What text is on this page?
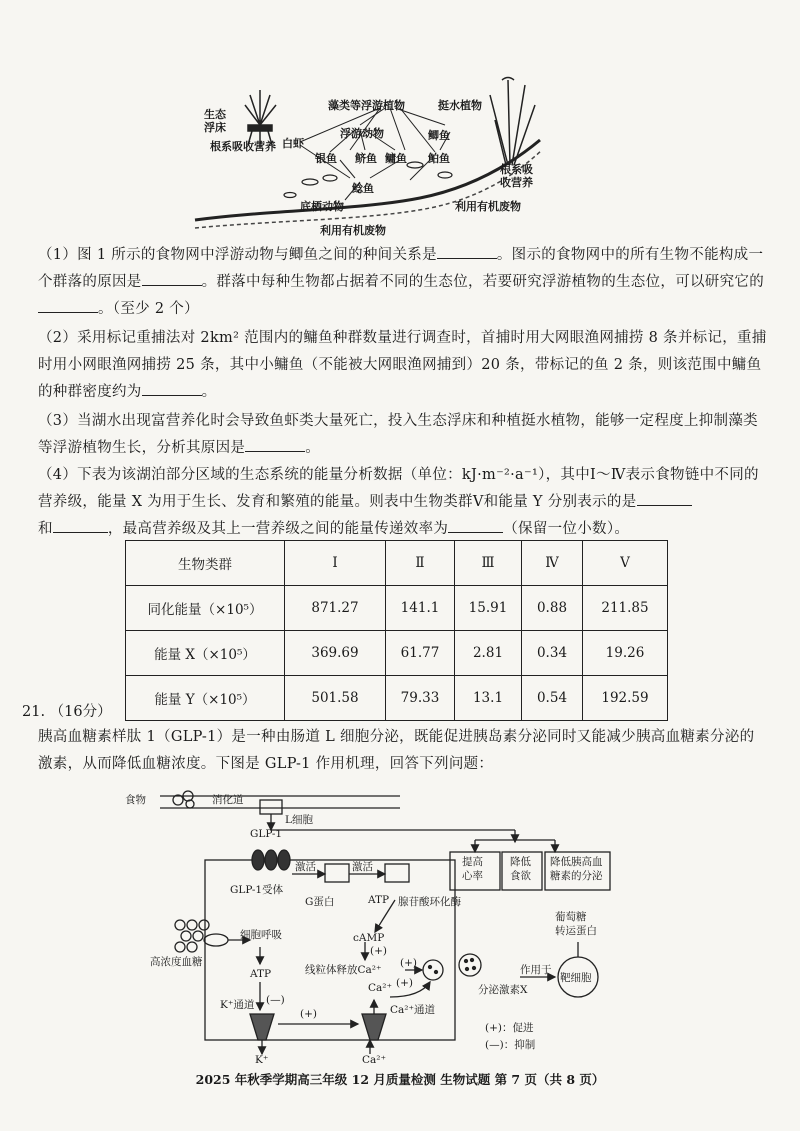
生态
浮床
根系吸收营养
藻类等浮游植物	挺水植物
白虾
浮游动物	鲫鱼
银鱼 鲚鱼 鳙鱼 鲌鱼
鲶鱼
底栖动物
根系吸
收营养
利用有机废物
利用有机废物

（1）图 1 所示的食物网中浮游动物与鲫鱼之间的种间关系是	。图示的食物网中的所有生物不能构成一个群落的原因是	。群落中每种生物都占据着不同的生态位，若要研究浮游植物的生态位，可以研究它的。（至少 2 个）

（2）采用标记重捕法对 2km² 范围内的鳙鱼种群数量进行调查时，首捕时用大网眼渔网捕捞 8 条并标记，重捕时用小网眼渔网捕捞 25 条，其中小鳙鱼（不能被大网眼渔网捕到）20 条，带标记的鱼 2 条，则该范围中鳙鱼的种群密度约为	。

（3）当湖水出现富营养化时会导致鱼虾类大量死亡，投入生态浮床和种植挺水植物，能够一定程度上抑制藻类等浮游植物生长，分析其原因是	。

（4）下表为该湖泊部分区域的生态系统的能量分析数据（单位：kJ·m⁻²·a⁻¹），其中Ⅰ～Ⅳ表示食物链中不同的营养级，能量 X 为用于生长、发育和繁殖的能量。则表中生物类群Ⅴ和能量 Y 分别表示的是
和	，最高营养级及其上一营养级之间的能量传递效率为	（保留一位小数）。

生物类群	Ⅰ	Ⅱ	Ⅲ	Ⅳ	Ⅴ
同化能量（×10⁵）	871.27	141.1	15.91	0.88	211.85
能量 X（×10⁵）	369.69	61.77	2.81	0.34	19.26
能量 Y（×10⁵）	501.58	79.33	13.1	0.54	192.59
21. （16分）

胰高血糖素样肽 1（GLP-1）是一种由肠道 L 细胞分泌，既能促进胰岛素分泌同时又能减少胰高血糖素分泌的激素，从而降低血糖浓度。下图是 GLP-1 作用机理，回答下列问题：

食物	消化道
L细胞
GLP-1
GLP-1受体
激活	激活
G蛋白	ATP 腺苷酸环化酶
cAMP
(+)
线粒体释放Ca²⁺
(+)
(+)
高浓度血糖
细胞呼吸
ATP
K⁺通道 (—)
(+)
Ca²⁺
Ca²⁺通道
K⁺	Ca²⁺
提高
心率
降低
食欲
降低胰高血
糖素的分泌
分泌激素X
作用于
靶细胞
葡萄糖
转运蛋白
(+)：促进
(—)：抑制
2025 年秋季学期高三年级 12 月质量检测 生物试题 第 7 页（共 8 页）
